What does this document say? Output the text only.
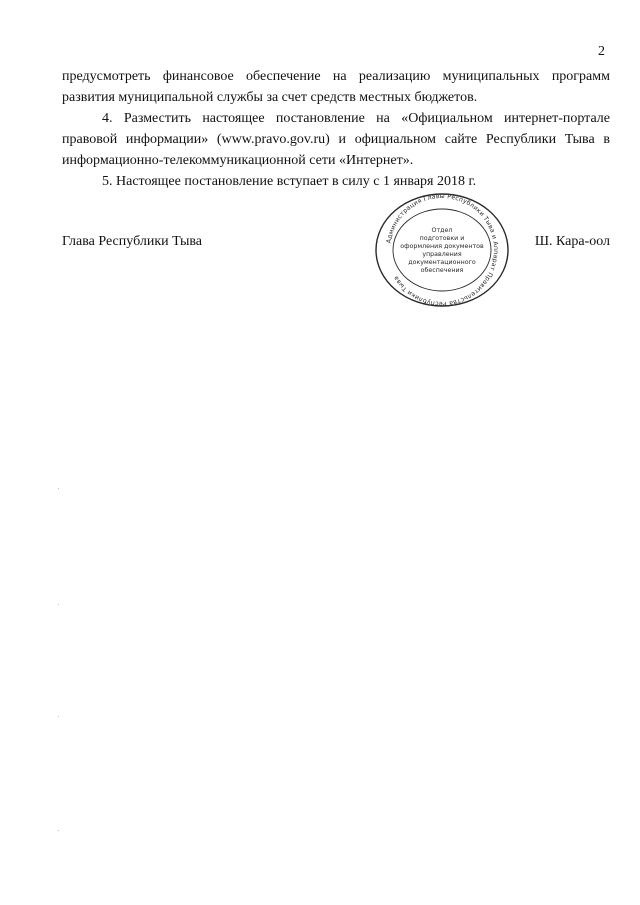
2

предусмотреть финансовое обеспечение на реализацию муниципальных программ развития муниципальной службы за счет средств местных бюджетов.

4. Разместить настоящее постановление на «Официальном интернет-портале правовой информации» (www.pravo.gov.ru) и официальном сайте Республики Тыва в информационно-телекоммуникационной сети «Интернет».

5. Настоящее постановление вступает в силу с 1 января 2018 г.

Глава Республики Тыва	Ш. Кара-оол
Администрация Главы Республики Тыва и Аппарат Правительства Республики Тыва
Отдел
подготовки и
оформления документов
управления
документационного
обеспечения
